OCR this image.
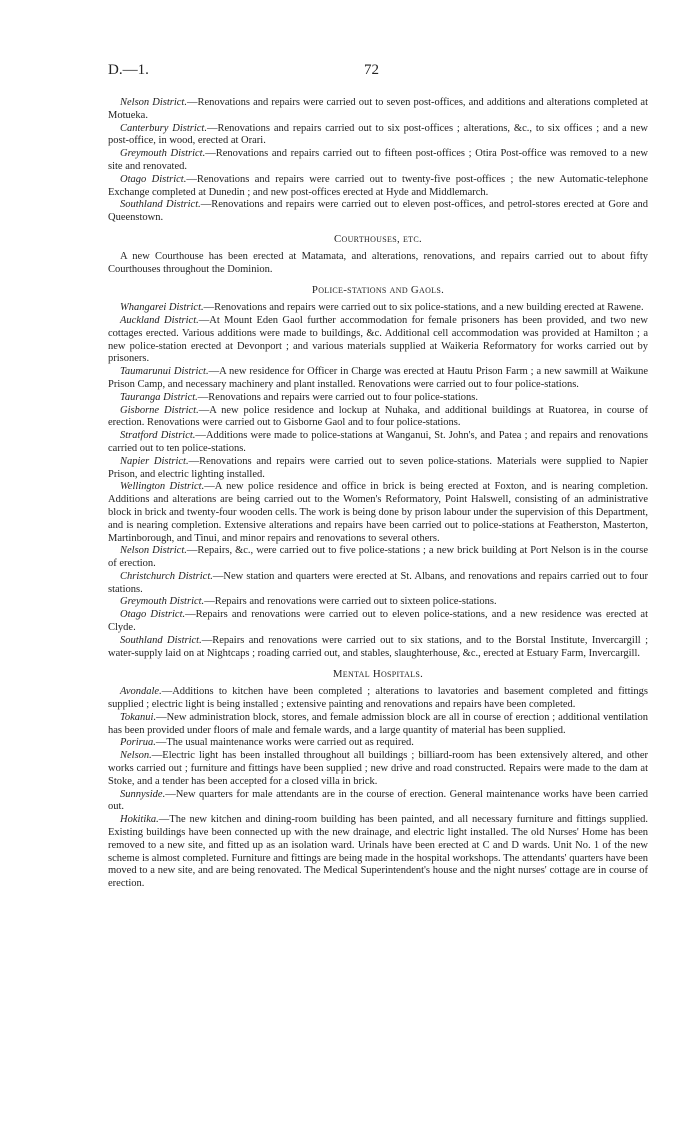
D.—1.	72

Nelson District.—Renovations and repairs were carried out to seven post-offices, and additions and alterations completed at Motueka.

Canterbury District.—Renovations and repairs carried out to six post-offices ; alterations, &c., to six offices ; and a new post-office, in wood, erected at Orari.

Greymouth District.—Renovations and repairs carried out to fifteen post-offices ; Otira Post-office was removed to a new site and renovated.

Otago District.—Renovations and repairs were carried out to twenty-five post-offices ; the new Automatic-telephone Exchange completed at Dunedin ; and new post-offices erected at Hyde and Middlemarch.

Southland District.—Renovations and repairs were carried out to eleven post-offices, and petrol-stores erected at Gore and Queenstown.

Courthouses, etc.

A new Courthouse has been erected at Matamata, and alterations, renovations, and repairs carried out to about fifty Courthouses throughout the Dominion.

Police-stations and Gaols.

Whangarei District.—Renovations and repairs were carried out to six police-stations, and a new building erected at Rawene.

Auckland District.—At Mount Eden Gaol further accommodation for female prisoners has been provided, and two new cottages erected. Various additions were made to buildings, &c. Additional cell accommodation was provided at Hamilton ; a new police-station erected at Devonport ; and various materials supplied at Waikeria Reformatory for works carried out by prisoners.

Taumarunui District.—A new residence for Officer in Charge was erected at Hautu Prison Farm ; a new sawmill at Waikune Prison Camp, and necessary machinery and plant installed. Renovations were carried out to four police-stations.

Tauranga District.—Renovations and repairs were carried out to four police-stations.

Gisborne District.—A new police residence and lockup at Nuhaka, and additional buildings at Ruatorea, in course of erection. Renovations were carried out to Gisborne Gaol and to four police-stations.

Stratford District.—Additions were made to police-stations at Wanganui, St. John's, and Patea ; and repairs and renovations carried out to ten police-stations.

Napier District.—Renovations and repairs were carried out to seven police-stations. Materials were supplied to Napier Prison, and electric lighting installed.

Wellington District.—A new police residence and office in brick is being erected at Foxton, and is nearing completion. Additions and alterations are being carried out to the Women's Reformatory, Point Halswell, consisting of an administrative block in brick and twenty-four wooden cells. The work is being done by prison labour under the supervision of this Department, and is nearing completion. Extensive alterations and repairs have been carried out to police-stations at Featherston, Masterton, Martinborough, and Tinui, and minor repairs and renovations to several others.

Nelson District.—Repairs, &c., were carried out to five police-stations ; a new brick building at Port Nelson is in the course of erection.

Christchurch District.—New station and quarters were erected at St. Albans, and renovations and repairs carried out to four stations.

Greymouth District.—Repairs and renovations were carried out to sixteen police-stations.

Otago District.—Repairs and renovations were carried out to eleven police-stations, and a new residence was erected at Clyde.

Southland District.—Repairs and renovations were carried out to six stations, and to the Borstal Institute, Invercargill ; water-supply laid on at Nightcaps ; roading carried out, and stables, slaughterhouse, &c., erected at Estuary Farm, Invercargill.

Mental Hospitals.

Avondale.—Additions to kitchen have been completed ; alterations to lavatories and basement completed and fittings supplied ; electric light is being installed ; extensive painting and renovations and repairs have been completed.

Tokanui.—New administration block, stores, and female admission block are all in course of erection ; additional ventilation has been provided under floors of male and female wards, and a large quantity of material has been supplied.

Porirua.—The usual maintenance works were carried out as required.

Nelson.—Electric light has been installed throughout all buildings ; billiard-room has been extensively altered, and other works carried out ; furniture and fittings have been supplied ; new drive and road constructed. Repairs were made to the dam at Stoke, and a tender has been accepted for a closed villa in brick.

Sunnyside.—New quarters for male attendants are in the course of erection. General maintenance works have been carried out.

Hokitika.—The new kitchen and dining-room building has been painted, and all necessary furniture and fittings supplied. Existing buildings have been connected up with the new drainage, and electric light installed. The old Nurses' Home has been removed to a new site, and fitted up as an isolation ward. Urinals have been erected at C and D wards. Unit No. 1 of the new scheme is almost completed. Furniture and fittings are being made in the hospital workshops. The attendants' quarters have been moved to a new site, and are being renovated. The Medical Superintendent's house and the night nurses' cottage are in course of erection.
